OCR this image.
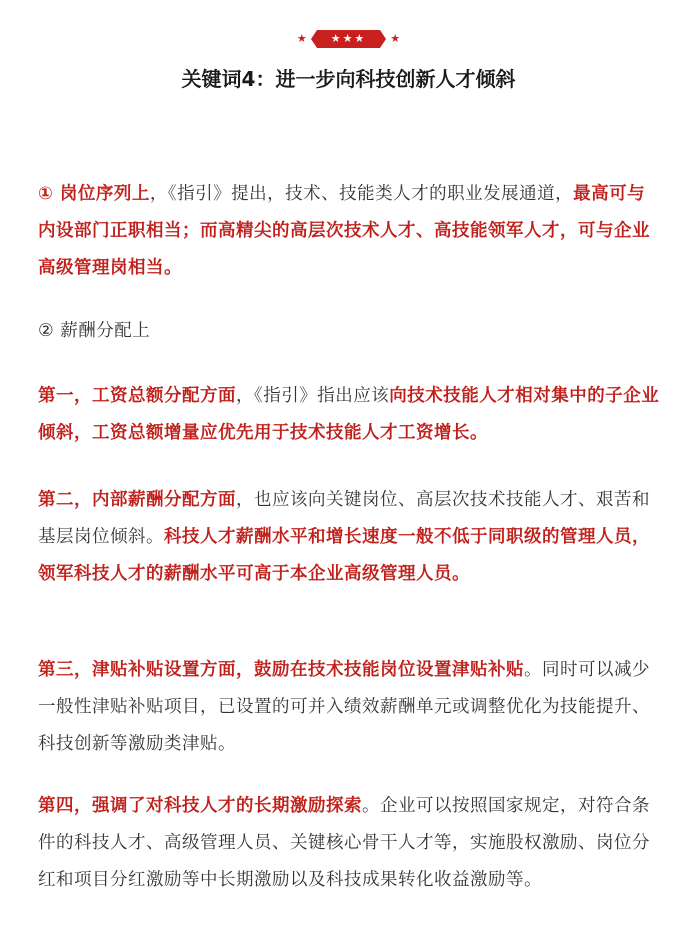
★	★★★	★
关键词4：进一步向科技创新人才倾斜
① 岗位序列上，《指引》提出，技术、技能类人才的职业发展通道，最高可与内设部门正职相当；而高精尖的高层次技术人才、高技能领军人才，可与企业高级管理岗相当。
② 薪酬分配上
第一，工资总额分配方面，《指引》指出应该向技术技能人才相对集中的子企业倾斜，工资总额增量应优先用于技术技能人才工资增长。
第二，内部薪酬分配方面，也应该向关键岗位、高层次技术技能人才、艰苦和基层岗位倾斜。科技人才薪酬水平和增长速度一般不低于同职级的管理人员，领军科技人才的薪酬水平可高于本企业高级管理人员。
第三，津贴补贴设置方面，鼓励在技术技能岗位设置津贴补贴。同时可以减少一般性津贴补贴项目，已设置的可并入绩效薪酬单元或调整优化为技能提升、科技创新等激励类津贴。
第四，强调了对科技人才的长期激励探索。企业可以按照国家规定，对符合条件的科技人才、高级管理人员、关键核心骨干人才等，实施股权激励、岗位分红和项目分红激励等中长期激励以及科技成果转化收益激励等。
